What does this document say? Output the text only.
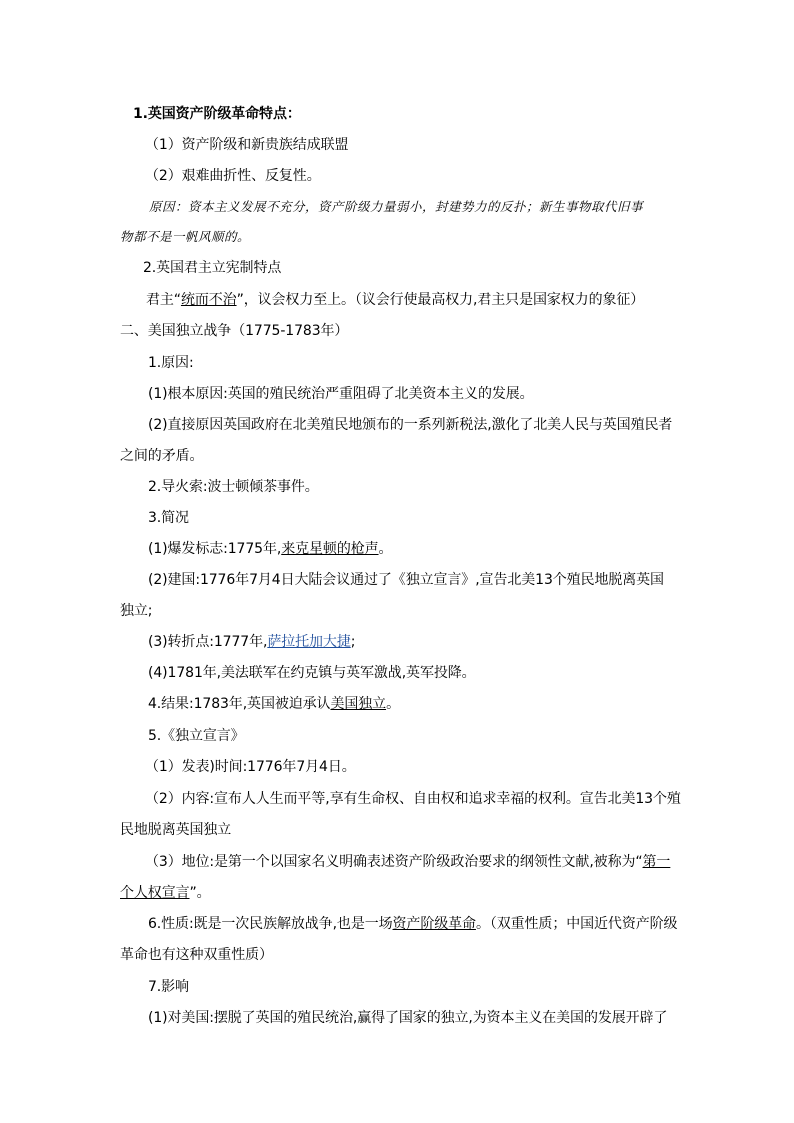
1.英国资产阶级革命特点：
（1）资产阶级和新贵族结成联盟
（2）艰难曲折性、反复性。
原因：资本主义发展不充分，资产阶级力量弱小，封建势力的反扑；新生事物取代旧事
物都不是一帆风顺的。
2.英国君主立宪制特点
君主“统而不治”，议会权力至上。（议会行使最高权力,君主只是国家权力的象征）
二、美国独立战争（1775-1783年）
1.原因:
(1)根本原因:英国的殖民统治严重阻碍了北美资本主义的发展。
(2)直接原因英国政府在北美殖民地颁布的一系列新税法,激化了北美人民与英国殖民者
之间的矛盾。
2.导火索:波士顿倾茶事件。
3.简况
(1)爆发标志:1775年,来克星顿的枪声。
(2)建国:1776年7月4日大陆会议通过了《独立宣言》,宣告北美13个殖民地脱离英国
独立;
(3)转折点:1777年,萨拉托加大捷;
(4)1781年,美法联军在约克镇与英军激战,英军投降。
4.结果:1783年,英国被迫承认美国独立。
5.《独立宣言》
（1）发表)时间:1776年7月4日。
（2）内容:宣布人人生而平等,享有生命权、自由权和追求幸福的权利。宣告北美13个殖
民地脱离英国独立
（3）地位:是第一个以国家名义明确表述资产阶级政治要求的纲领性文献,被称为“第一
个人权宣言”。
6.性质:既是一次民族解放战争,也是一场资产阶级革命。（双重性质；中国近代资产阶级
革命也有这种双重性质）
7.影响
(1)对美国:摆脱了英国的殖民统治,赢得了国家的独立,为资本主义在美国的发展开辟了
